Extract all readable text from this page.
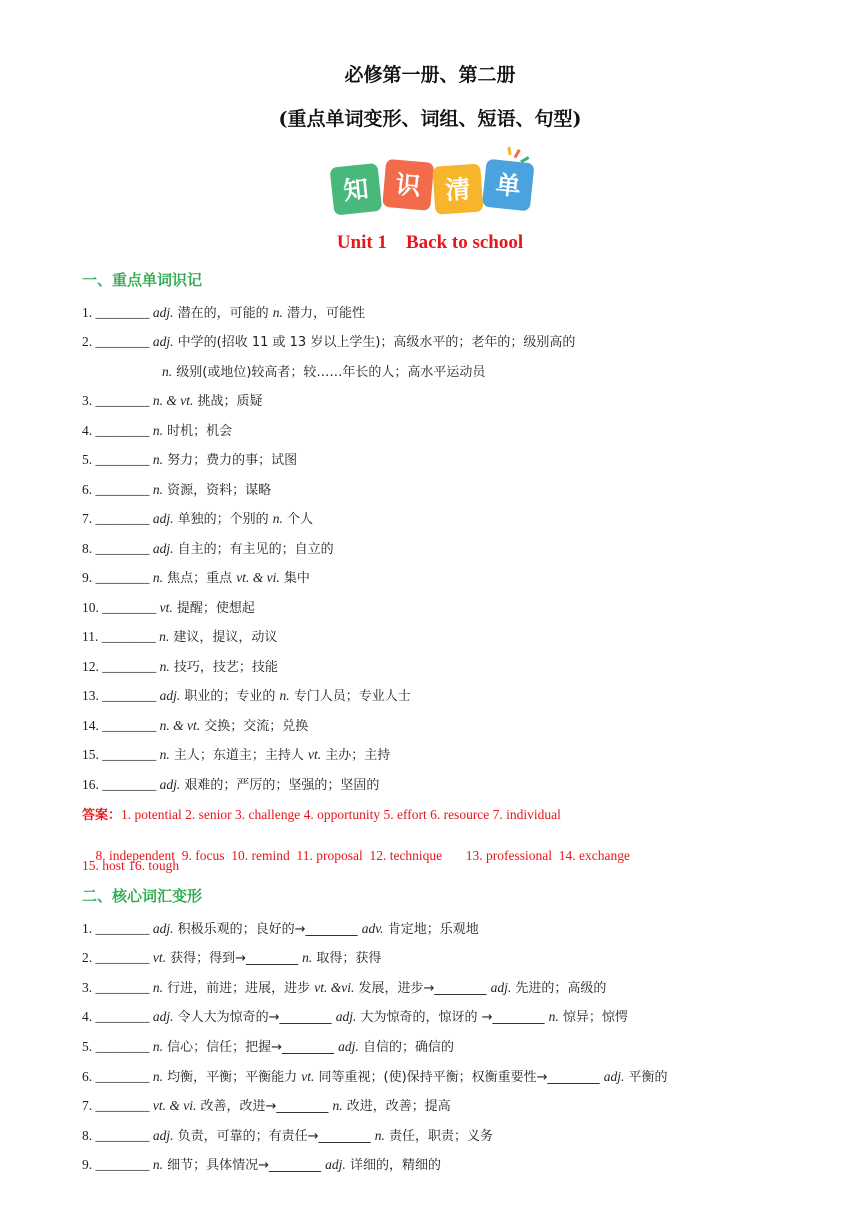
必修第一册、第二册
(重点单词变形、词组、短语、句型)
知 识 清 单
Unit 1    Back to school
一、重点单词识记
1. ________ adj. 潜在的，可能的 n. 潜力，可能性
2. ________ adj. 中学的(招收 11 或 13 岁以上学生)；高级水平的；老年的；级别高的
n. 级别(或地位)较高者；较……年长的人；高水平运动员
3. ________ n. & vt. 挑战；质疑
4. ________ n. 时机；机会
5. ________ n. 努力；费力的事；试图
6. ________ n. 资源，资料；谋略
7. ________ adj. 单独的；个别的 n. 个人
8. ________ adj. 自主的；有主见的；自立的
9. ________ n. 焦点；重点 vt. & vi. 集中
10. ________ vt. 提醒；使想起
11. ________ n. 建议，提议，动议
12. ________ n. 技巧，技艺；技能
13. ________ adj. 职业的；专业的 n. 专门人员；专业人士
14. ________ n. & vt. 交换；交流；兑换
15. ________ n. 主人；东道主；主持人 vt. 主办；主持
16. ________ adj. 艰难的；严厉的；坚强的；坚固的
答案：1. potential 2. senior 3. challenge 4. opportunity 5. effort 6. resource 7. individual

8. independent  9. focus  10. remind  11. proposal  12. technique       13. professional  14. exchange

15. host 16. tough
二、核心词汇变形
1. ________ adj. 积极乐观的；良好的→________ adv. 肯定地；乐观地
2. ________ vt. 获得；得到→________ n. 取得；获得
3. ________ n. 行进，前进；进展，进步 vt. &vi. 发展，进步→________ adj. 先进的；高级的
4. ________ adj. 令人大为惊奇的→________ adj. 大为惊奇的，惊讶的 →________ n. 惊异；惊愕
5. ________ n. 信心；信任；把握→________ adj. 自信的；确信的
6. ________ n. 均衡，平衡；平衡能力 vt. 同等重视；(使)保持平衡；权衡重要性→________ adj. 平衡的
7. ________ vt. & vi. 改善，改进→________ n. 改进，改善；提高
8. ________ adj. 负责，可靠的；有责任→________ n. 责任，职责；义务
9. ________ n. 细节；具体情况→________ adj. 详细的，精细的
